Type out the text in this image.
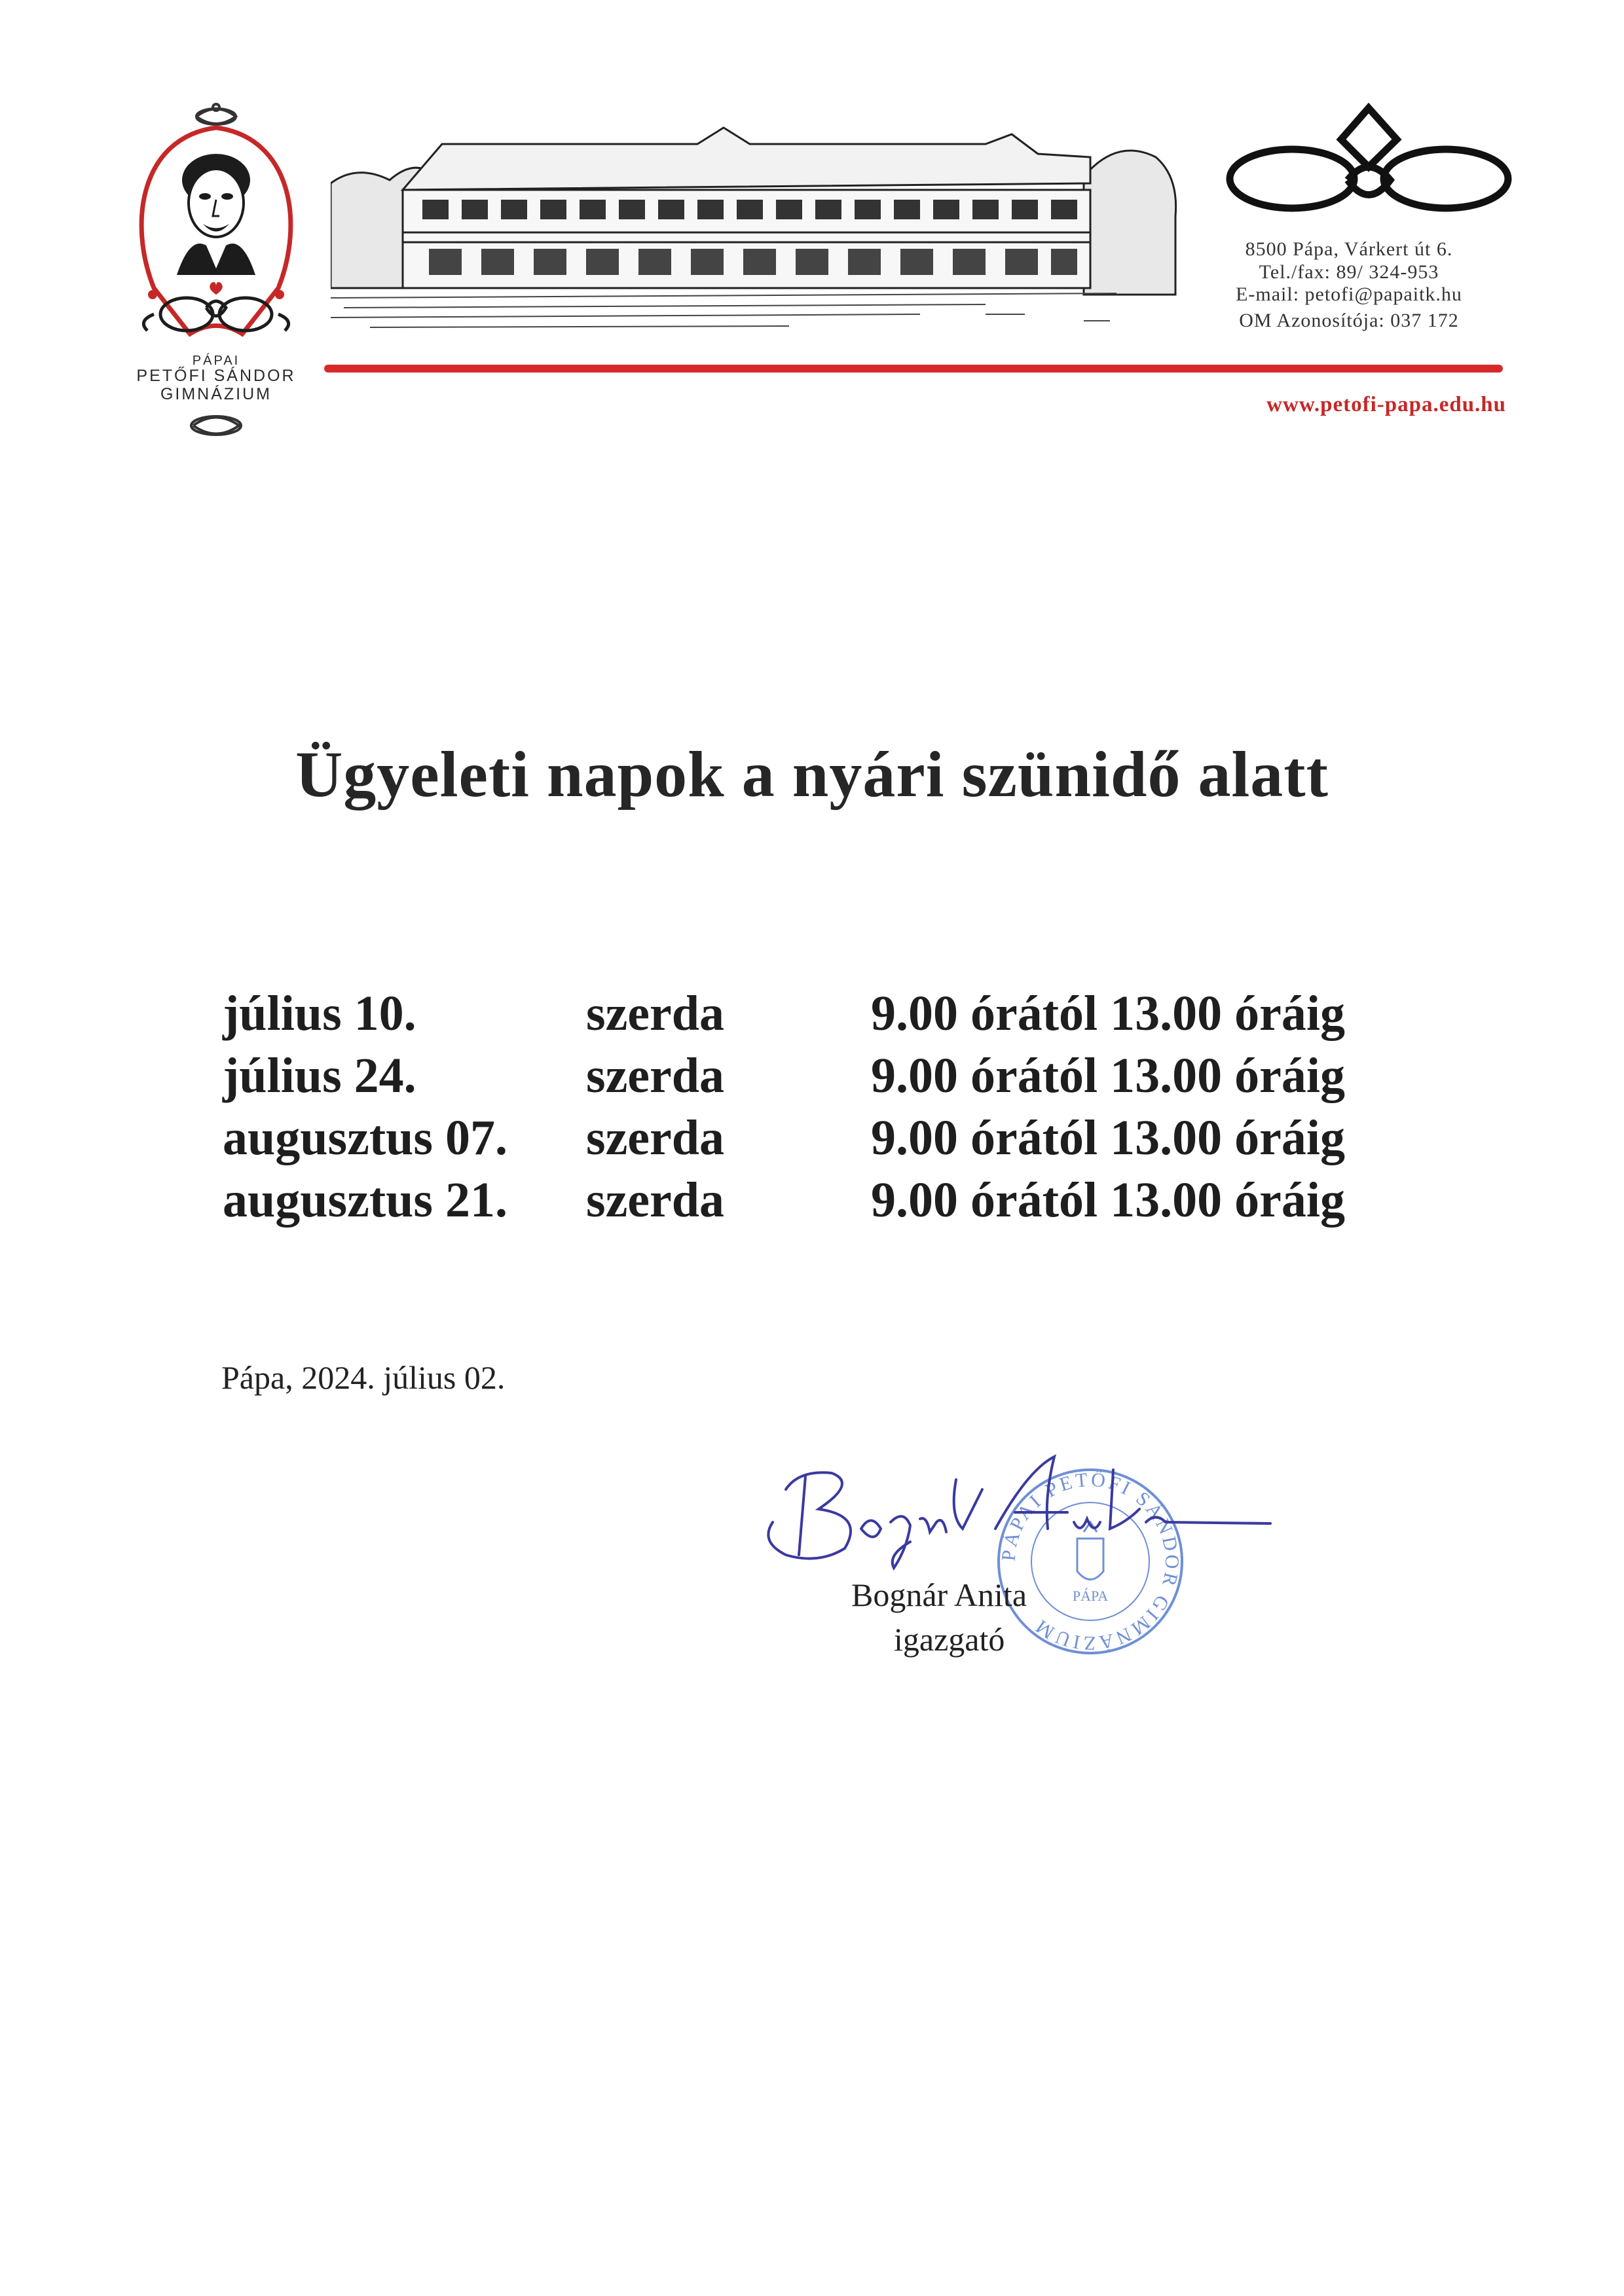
PÁPAI
PETŐFI SÁNDOR
GIMNÁZIUM
8500 Pápa, Várkert út 6.
Tel./fax: 89/ 324-953
E-mail: petofi@papaitk.hu
OM Azonosítója: 037 172
www.petofi-papa.edu.hu
Ügyeleti napok a nyári szünidő alatt
július 10.	szerda	9.00 órától 13.00 óráig
július 24.	szerda	9.00 órától 13.00 óráig
augusztus 07. szerda	9.00 órától 13.00 óráig
augusztus 21. szerda	9.00 órától 13.00 óráig
Pápa, 2024. július 02.
PÁPAI PETŐFI SÁNDOR GIMNÁZIUM
PÁPA
Bognár Anita
igazgató
